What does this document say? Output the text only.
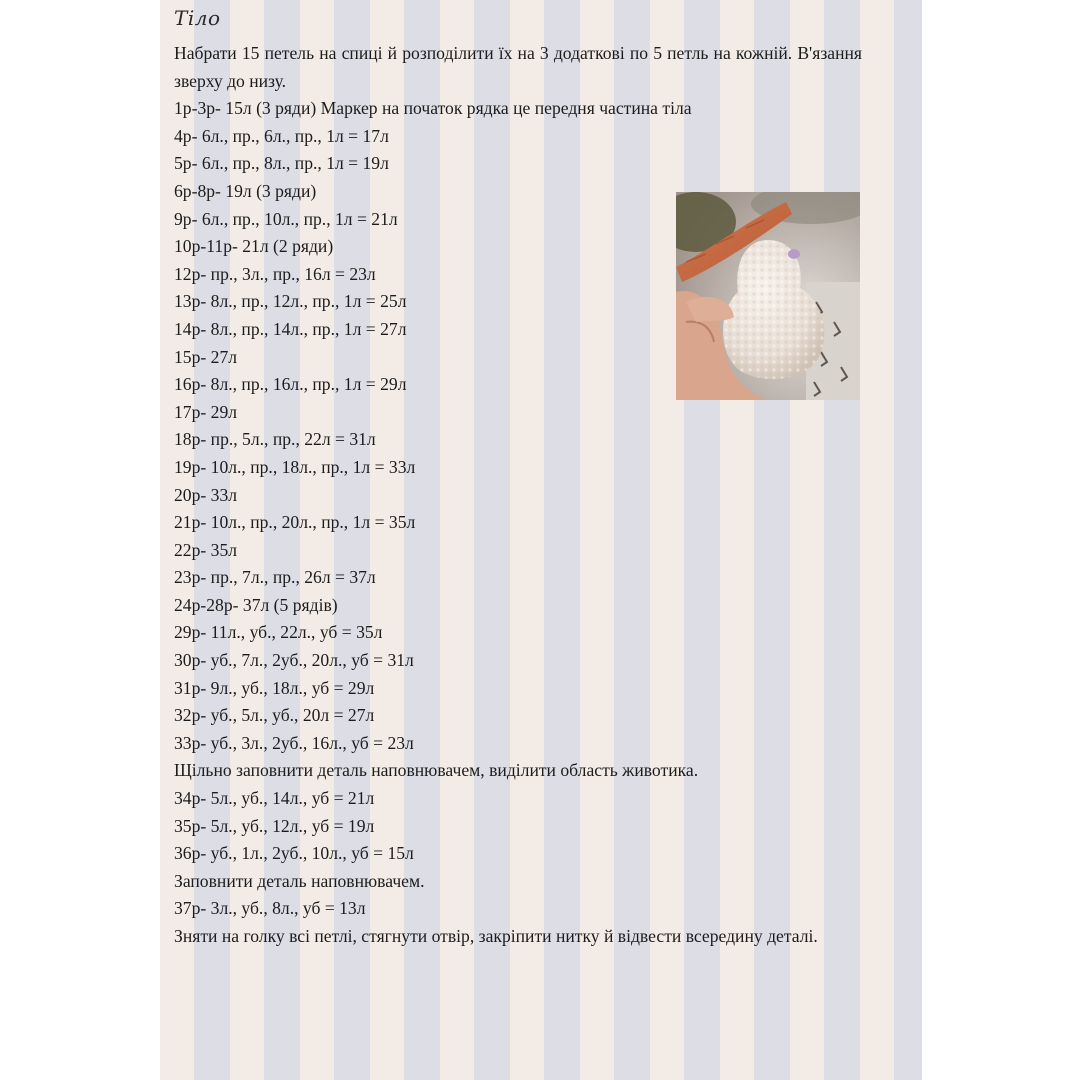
Тіло
Набрати 15 петель на спиці й розподілити їх на 3 додаткові по 5 петль на кожній. В'язання зверху до низу.
1р-3р- 15л (3 ряди) Маркер на початок рядка це передня частина тіла
4р- 6л., пр., 6л., пр., 1л = 17л
5р- 6л., пр., 8л., пр., 1л = 19л
6р-8р- 19л (3 ряди)
9р- 6л., пр., 10л., пр., 1л = 21л
10р-11р- 21л (2 ряди)
12р- пр., 3л., пр., 16л = 23л
13р- 8л., пр., 12л., пр., 1л = 25л
14р- 8л., пр., 14л., пр., 1л = 27л
15р- 27л
16р- 8л., пр., 16л., пр., 1л = 29л
17р- 29л
18р- пр., 5л., пр., 22л = 31л
19р- 10л., пр., 18л., пр., 1л = 33л
20р- 33л
21р- 10л., пр., 20л., пр., 1л = 35л
22р- 35л
23р- пр., 7л., пр., 26л = 37л
24р-28р- 37л (5 рядів)
29р- 11л., уб., 22л., уб = 35л
30р- уб., 7л., 2уб., 20л., уб = 31л
31р- 9л., уб., 18л., уб = 29л
32р- уб., 5л., уб., 20л = 27л
33р- уб., 3л., 2уб., 16л., уб = 23л
Щільно заповнити деталь наповнювачем, виділити область животика.
34р- 5л., уб., 14л., уб = 21л
35р- 5л., уб., 12л., уб = 19л
36р- уб., 1л., 2уб., 10л., уб = 15л
Заповнити деталь наповнювачем.
37р- 3л., уб., 8л., уб = 13л
Зняти на голку всі петлі, стягнути отвір, закріпити нитку й відвести всередину деталі.
